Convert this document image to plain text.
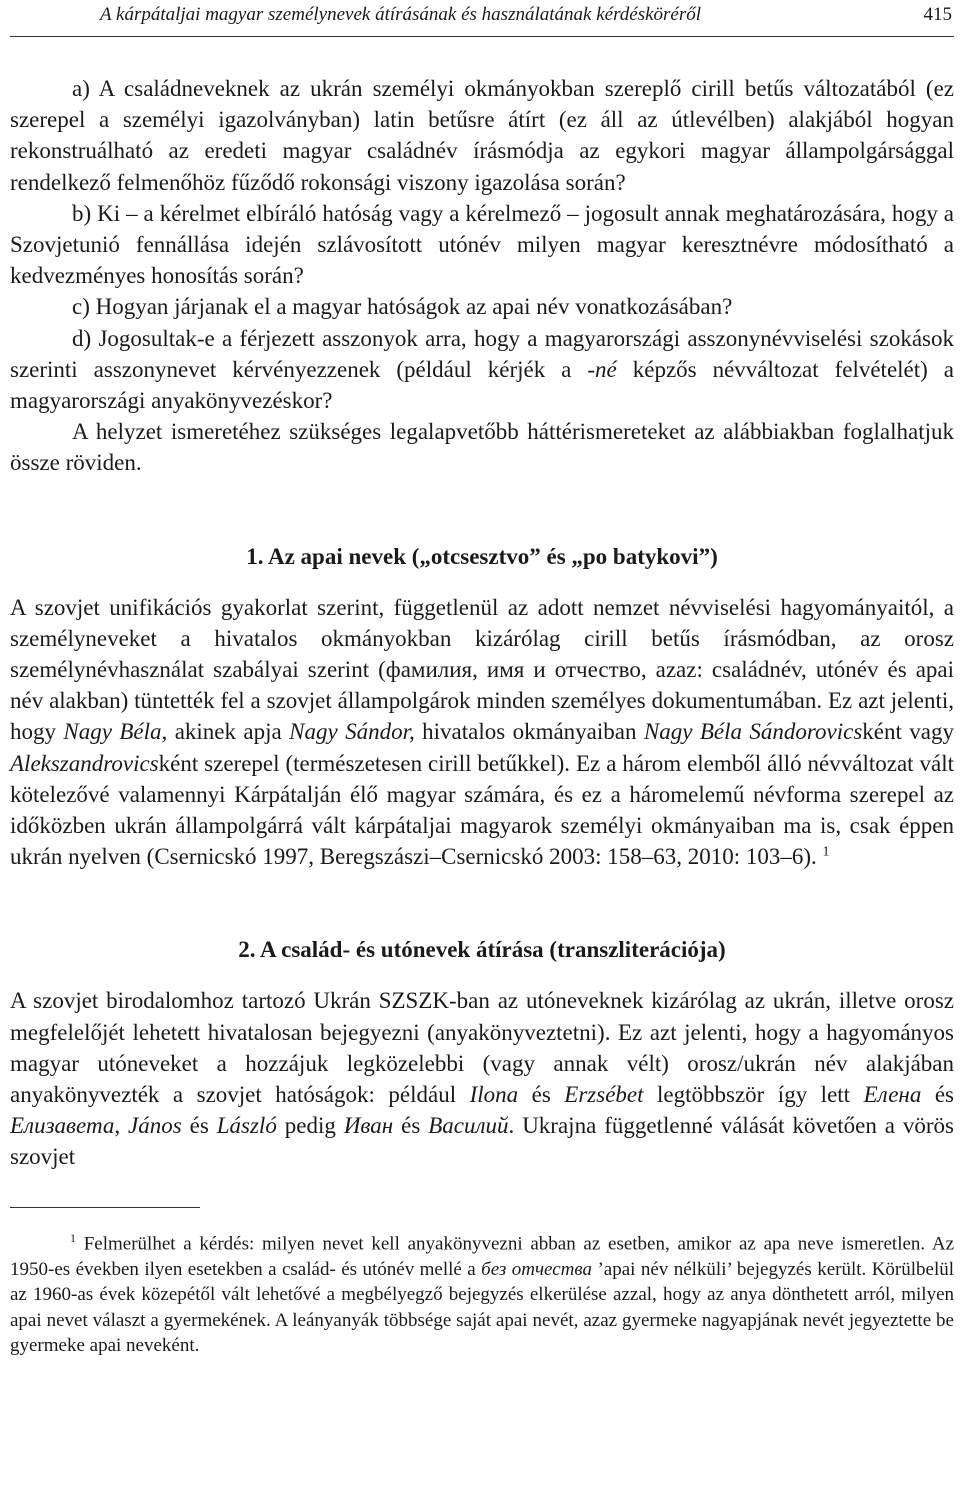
A kárpátaljai magyar személynevek átírásának és használatának kérdésköréről	415

a) A családneveknek az ukrán személyi okmányokban szereplő cirill betűs változatából (ez szerepel a személyi igazolványban) latin betűsre átírt (ez áll az útlevélben) alakjából hogyan rekonstruálható az eredeti magyar családnév írásmódja az egykori magyar állampolgársággal rendelkező felmenőhöz fűződő rokonsági viszony igazolása során?

b) Ki – a kérelmet elbíráló hatóság vagy a kérelmező – jogosult annak meghatározására, hogy a Szovjetunió fennállása idején szlávosított utónév milyen magyar keresztnévre módosítható a kedvezményes honosítás során?

c) Hogyan járjanak el a magyar hatóságok az apai név vonatkozásában?

d) Jogosultak-e a férjezett asszonyok arra, hogy a magyarországi asszonynévviselési szokások szerinti asszonynevet kérvényezzenek (például kérjék a -né képzős névváltozat felvételét) a magyarországi anyakönyvezéskor?

A helyzet ismeretéhez szükséges legalapvetőbb háttérismereteket az alábbiakban foglalhatjuk össze röviden.

1. Az apai nevek („otcsesztvo” és „po batykovi”)

A szovjet unifikációs gyakorlat szerint, függetlenül az adott nemzet névviselési hagyományaitól, a személyneveket a hivatalos okmányokban kizárólag cirill betűs írásmódban, az orosz személynévhasználat szabályai szerint (фамилия, имя и отчество, azaz: családnév, utónév és apai név alakban) tüntették fel a szovjet állampolgárok minden személyes dokumentumában. Ez azt jelenti, hogy Nagy Béla, akinek apja Nagy Sándor, hivatalos okmányaiban Nagy Béla Sándorovicsként vagy Alekszandrovicsként szerepel (természetesen cirill betűkkel). Ez a három elemből álló névváltozat vált kötelezővé valamennyi Kárpátalján élő magyar számára, és ez a háromelemű névforma szerepel az időközben ukrán állampolgárrá vált kárpátaljai magyarok személyi okmányaiban ma is, csak éppen ukrán nyelven (Csernicskó 1997, Beregszászi–Csernicskó 2003: 158–63, 2010: 103–6). $^1$

2. A család- és utónevek átírása (transzliterációja)

A szovjet birodalomhoz tartozó Ukrán SZSZK-ban az utóneveknek kizárólag az ukrán, illetve orosz megfelelőjét lehetett hivatalosan bejegyezni (anyakönyveztetni). Ez azt jelenti, hogy a hagyományos magyar utóneveket a hozzájuk legközelebbi (vagy annak vélt) orosz/ukrán név alakjában anyakönyvezték a szovjet hatóságok: például Ilona és Erzsébet legtöbbször így lett Елена és Елизавета, János és László pedig Иван és Василий. Ukrajna függetlenné válását követően a vörös szovjet

$^1$ Felmerülhet a kérdés: milyen nevet kell anyakönyvezni abban az esetben, amikor az apa neve ismeretlen. Az 1950-es években ilyen esetekben a család- és utónév mellé a без отчества ’apai név nélküli’ bejegyzés került. Körülbelül az 1960-as évek közepétől vált lehetővé a megbélyegző bejegyzés elkerülése azzal, hogy az anya dönthetett arról, milyen apai nevet választ a gyermekének. A leányanyák többsége saját apai nevét, azaz gyermeke nagyapjának nevét jegyeztette be gyermeke apai neveként.
